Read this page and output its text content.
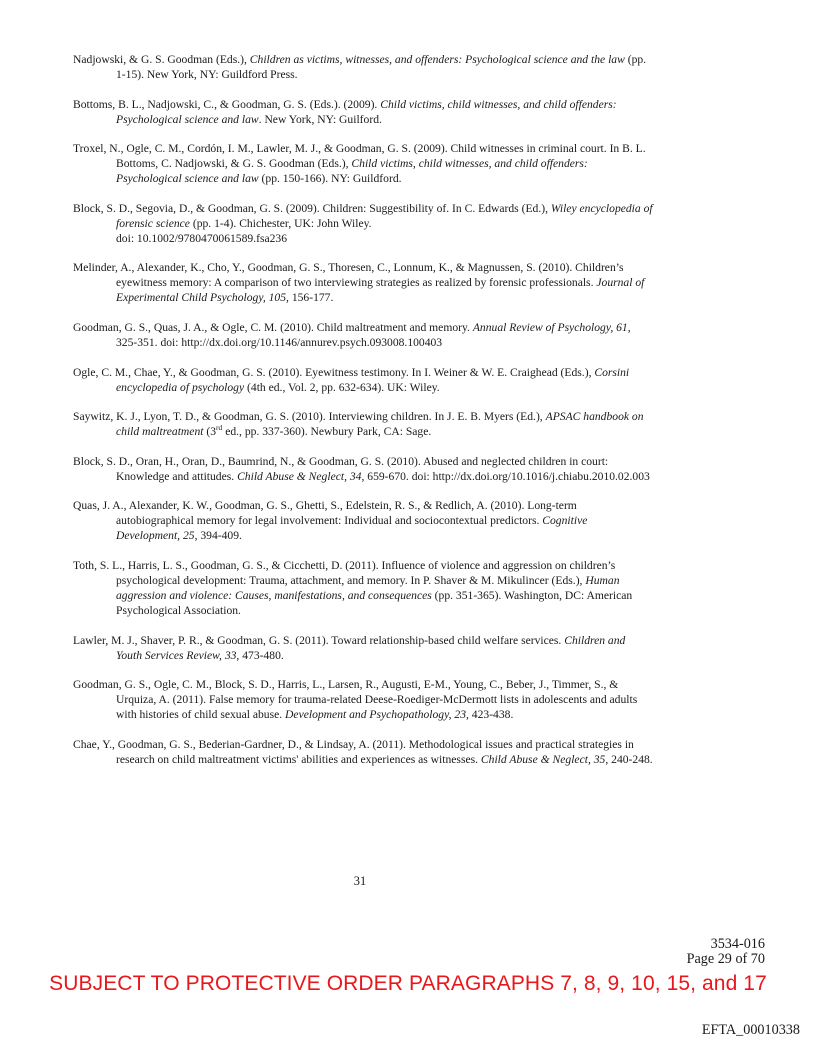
Nadjowski, & G. S. Goodman (Eds.), Children as victims, witnesses, and offenders: Psychological science and the law (pp. 1-15). New York, NY: Guildford Press.
Bottoms, B. L., Nadjowski, C., & Goodman, G. S. (Eds.). (2009). Child victims, child witnesses, and child offenders: Psychological science and law. New York, NY: Guilford.
Troxel, N., Ogle, C. M., Cordón, I. M., Lawler, M. J., & Goodman, G. S. (2009). Child witnesses in criminal court. In B. L. Bottoms, C. Nadjowski, & G. S. Goodman (Eds.), Child victims, child witnesses, and child offenders: Psychological science and law (pp. 150-166). NY: Guildford.
Block, S. D., Segovia, D., & Goodman, G. S. (2009). Children: Suggestibility of. In C. Edwards (Ed.), Wiley encyclopedia of forensic science (pp. 1-4). Chichester, UK: John Wiley.
doi: 10.1002/9780470061589.fsa236
Melinder, A., Alexander, K., Cho, Y., Goodman, G. S., Thoresen, C., Lonnum, K., & Magnussen, S. (2010). Children’s eyewitness memory: A comparison of two interviewing strategies as realized by forensic professionals. Journal of Experimental Child Psychology, 105, 156-177.
Goodman, G. S., Quas, J. A., & Ogle, C. M. (2010). Child maltreatment and memory. Annual Review of Psychology, 61, 325-351. doi: http://dx.doi.org/10.1146/annurev.psych.093008.100403
Ogle, C. M., Chae, Y., & Goodman, G. S. (2010). Eyewitness testimony. In I. Weiner & W. E. Craighead (Eds.), Corsini encyclopedia of psychology (4th ed., Vol. 2, pp. 632-634). UK: Wiley.
Saywitz, K. J., Lyon, T. D., & Goodman, G. S. (2010). Interviewing children. In J. E. B. Myers (Ed.), APSAC handbook on child maltreatment (3rd ed., pp. 337-360). Newbury Park, CA: Sage.
Block, S. D., Oran, H., Oran, D., Baumrind, N., & Goodman, G. S. (2010). Abused and neglected children in court: Knowledge and attitudes. Child Abuse & Neglect, 34, 659-670. doi: http://dx.doi.org/10.1016/j.chiabu.2010.02.003
Quas, J. A., Alexander, K. W., Goodman, G. S., Ghetti, S., Edelstein, R. S., & Redlich, A. (2010). Long-term autobiographical memory for legal involvement: Individual and sociocontextual predictors. Cognitive Development, 25, 394-409.
Toth, S. L., Harris, L. S., Goodman, G. S., & Cicchetti, D. (2011). Influence of violence and aggression on children’s psychological development: Trauma, attachment, and memory. In P. Shaver & M. Mikulincer (Eds.), Human aggression and violence: Causes, manifestations, and consequences (pp. 351-365). Washington, DC: American Psychological Association.
Lawler, M. J., Shaver, P. R., & Goodman, G. S. (2011). Toward relationship-based child welfare services. Children and Youth Services Review, 33, 473-480.
Goodman, G. S., Ogle, C. M., Block, S. D., Harris, L., Larsen, R., Augusti, E-M., Young, C., Beber, J., Timmer, S., & Urquiza, A. (2011). False memory for trauma-related Deese-Roediger-McDermott lists in adolescents and adults with histories of child sexual abuse. Development and Psychopathology, 23, 423-438.
Chae, Y., Goodman, G. S., Bederian-Gardner, D., & Lindsay, A. (2011). Methodological issues and practical strategies in research on child maltreatment victims' abilities and experiences as witnesses. Child Abuse & Neglect, 35, 240-248.
31
3534-016
Page 29 of 70
SUBJECT TO PROTECTIVE ORDER PARAGRAPHS 7, 8, 9, 10, 15, and 17
EFTA_00010338
